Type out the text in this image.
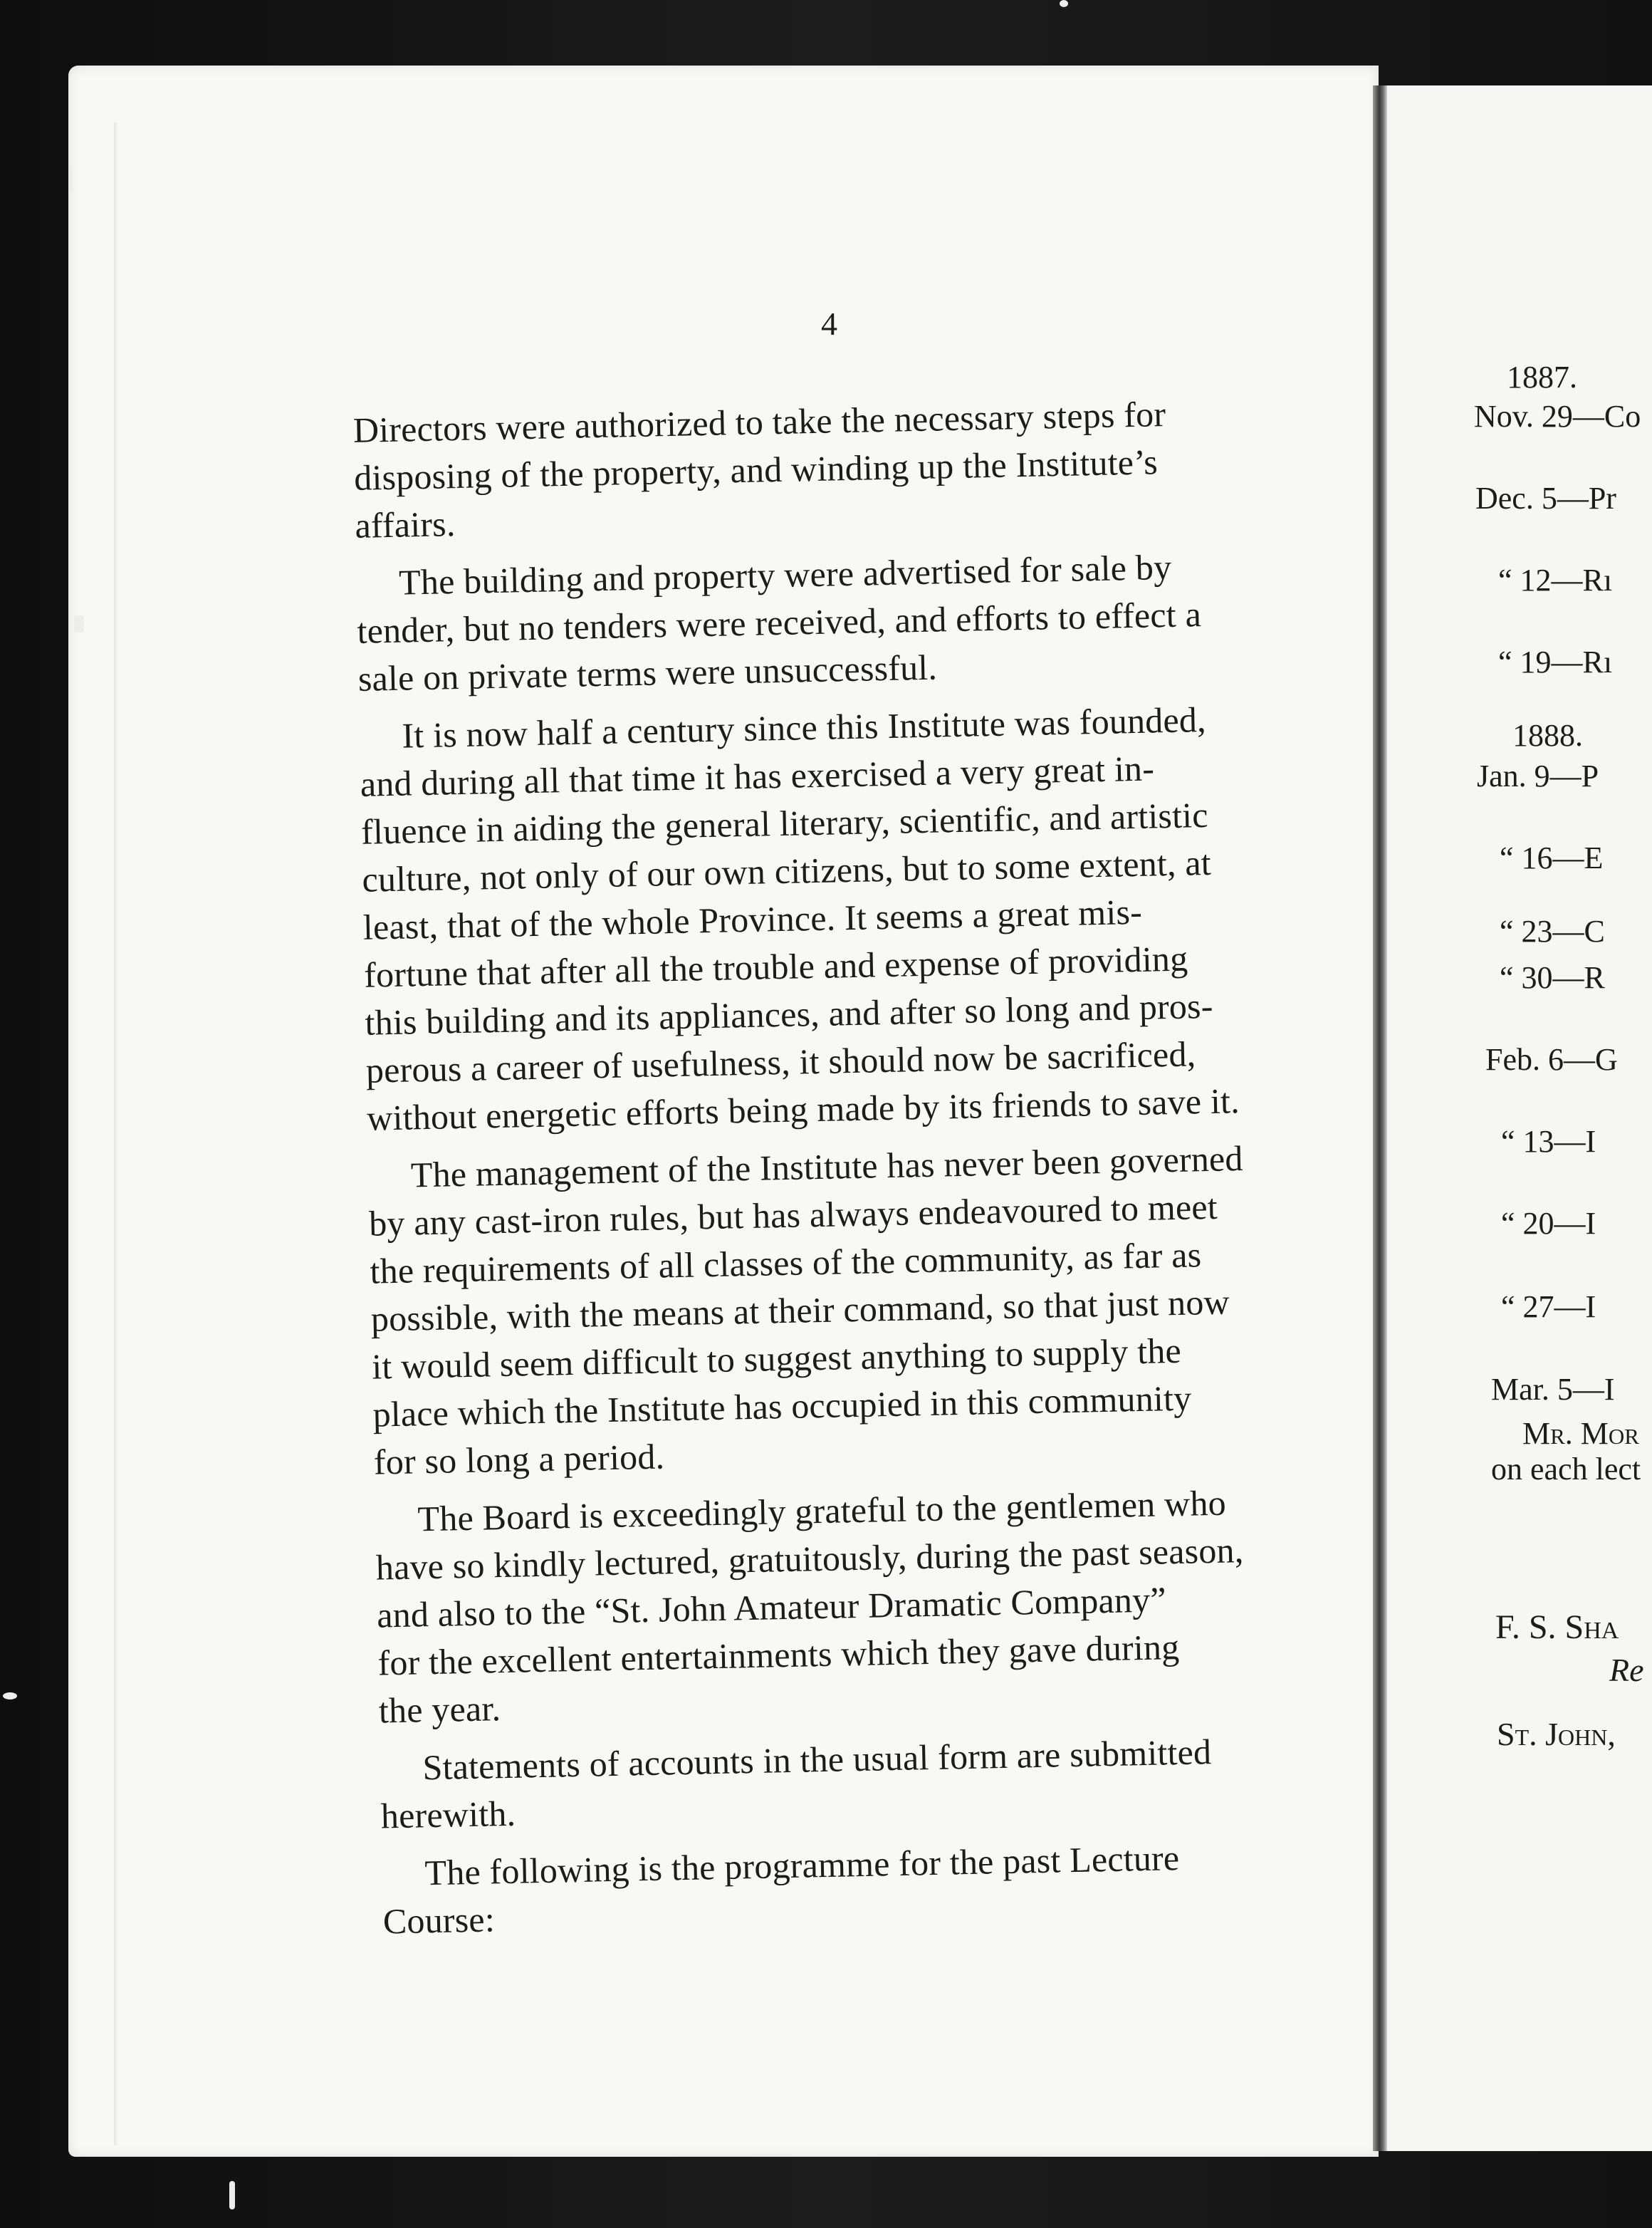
1887.
Nov. 29—Co
Dec. 5—Pr
“ 12—Rı
“ 19—Rı
1888.
Jan. 9—P
“ 16—E
“ 23—C
“ 30—R
Feb. 6—G
“ 13—I
“ 20—I
“ 27—I
Mar. 5—I
Mr. Mor
on each lect
F. S. Sha
Re
St. John,
4
Directors were authorized to take the necessary steps for
disposing of the property, and winding up the Institute’s
affairs.
The building and property were advertised for sale by
tender, but no tenders were received, and efforts to effect a
sale on private terms were unsuccessful.
It is now half a century since this Institute was founded,
and during all that time it has exercised a very great in-
fluence in aiding the general literary, scientific, and artistic
culture, not only of our own citizens, but to some extent, at
least, that of the whole Province. It seems a great mis-
fortune that after all the trouble and expense of providing
this building and its appliances, and after so long and pros-
perous a career of usefulness, it should now be sacrificed,
without energetic efforts being made by its friends to save it.
The management of the Institute has never been governed
by any cast-iron rules, but has always endeavoured to meet
the requirements of all classes of the community, as far as
possible, with the means at their command, so that just now
it would seem difficult to suggest anything to supply the
place which the Institute has occupied in this community
for so long a period.
The Board is exceedingly grateful to the gentlemen who
have so kindly lectured, gratuitously, during the past season,
and also to the “St. John Amateur Dramatic Company”
for the excellent entertainments which they gave during
the year.
Statements of accounts in the usual form are submitted
herewith.
The following is the programme for the past Lecture
Course:
